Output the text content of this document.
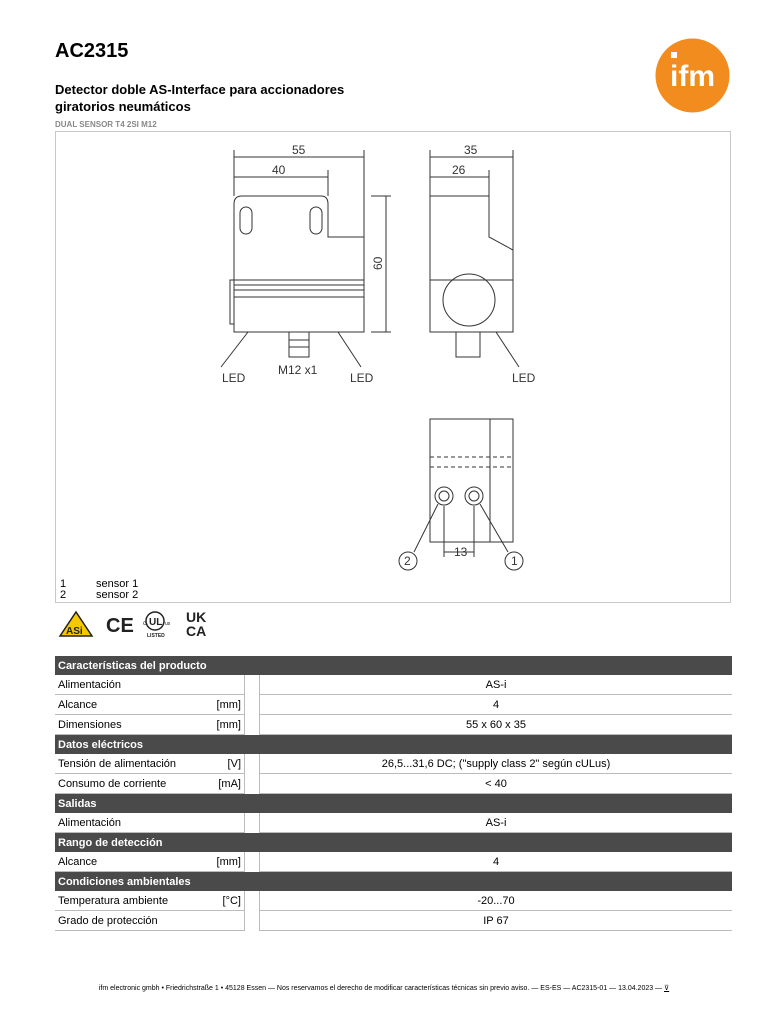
AC2315
Detector doble AS-Interface para accionadores giratorios neumáticos
DUAL SENSOR T4 2SI M12
ifm
55
40
35
26
60
13
LED	LED	LED
M12 x1
1
2
1	sensor 1
2	sensor 2
ASi CE UL
c	us
LISTED
UK
CA
Características del producto			
Alimentación			AS-i
Alcance	[mm]		4
Dimensiones	[mm]		55 x 60 x 35
Datos eléctricos			
Tensión de alimentación	[V]		26,5...31,6 DC; ("supply class 2" según cULus)
Consumo de corriente	[mA]		< 40
Salidas			
Alimentación			AS-i
Rango de detección			
Alcance	[mm]		4
Condiciones ambientales			
Temperatura ambiente	[°C]		-20...70
Grado de protección			IP 67
ifm electronic gmbh • Friedrichstraße 1 • 45128 Essen — Nos reservamos el derecho de modificar características técnicas sin previo aviso. — ES-ES — AC2315-01 — 13.04.2023 — ⊽
